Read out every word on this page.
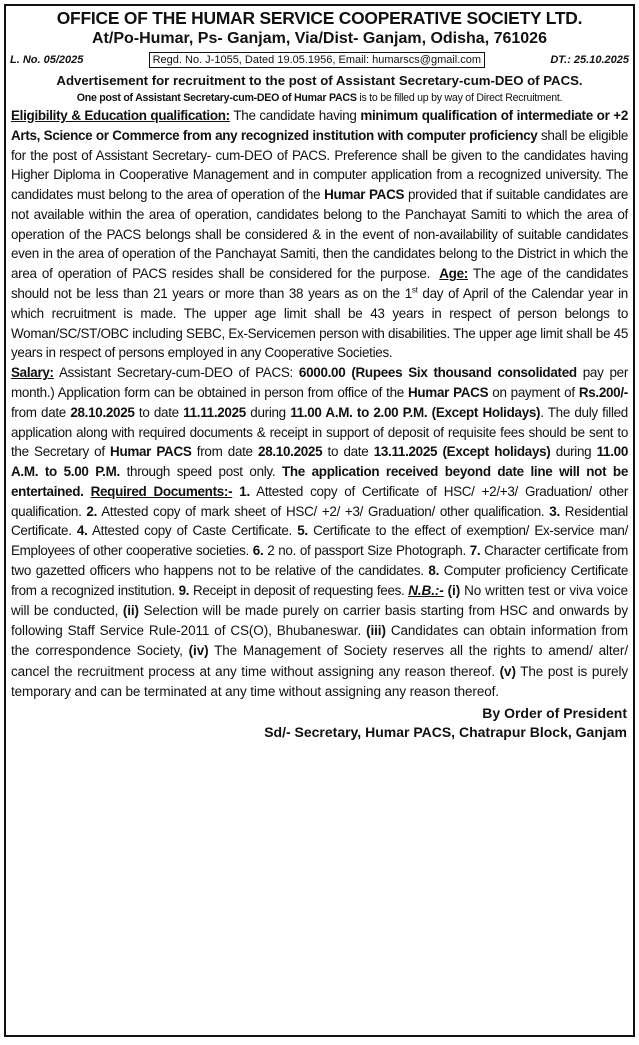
OFFICE OF THE HUMAR SERVICE COOPERATIVE SOCIETY LTD.
At/Po-Humar, Ps- Ganjam, Via/Dist- Ganjam, Odisha, 761026
L. No. 05/2025	Regd. No. J-1055, Dated 19.05.1956, Email: humarscs@gmail.com	DT.: 25.10.2025
Advertisement for recruitment to the post of Assistant Secretary-cum-DEO of PACS.
One post of Assistant Secretary-cum-DEO of Humar PACS is to be filled up by way of Direct Recruitment.

Eligibility & Education qualification: The candidate having minimum qualification of intermediate or +2 Arts, Science or Commerce from any recognized institution with computer proficiency shall be eligible for the post of Assistant Secretary- cum-DEO of PACS. Preference shall be given to the candidates having Higher Diploma in Cooperative Management and in computer application from a recognized university. The candidates must belong to the area of operation of the Humar PACS provided that if suitable candidates are not available within the area of operation, candidates belong to the Panchayat Samiti to which the area of operation of the PACS belongs shall be considered & in the event of non-availability of suitable candidates even in the area of operation of the Panchayat Samiti, then the candidates belong to the District in which the area of operation of PACS resides shall be considered for the purpose. Age: The age of the candidates should not be less than 21 years or more than 38 years as on the 1st day of April of the Calendar year in which recruitment is made. The upper age limit shall be 43 years in respect of person belongs to Woman/SC/ST/OBC including SEBC, Ex-Servicemen person with disabilities. The upper age limit shall be 45 years in respect of persons employed in any Cooperative Societies.

Salary: Assistant Secretary-cum-DEO of PACS: 6000.00 (Rupees Six thousand consolidated pay per month.) Application form can be obtained in person from office of the Humar PACS on payment of Rs.200/- from date 28.10.2025 to date 11.11.2025 during 11.00 A.M. to 2.00 P.M. (Except Holidays). The duly filled application along with required documents & receipt in support of deposit of requisite fees should be sent to the Secretary of Humar PACS from date 28.10.2025 to date 13.11.2025 (Except holidays) during 11.00 A.M. to 5.00 P.M. through speed post only. The application received beyond date line will not be entertained. Required Documents:- 1. Attested copy of Certificate of HSC/ +2/+3/ Graduation/ other qualification. 2. Attested copy of mark sheet of HSC/ +2/ +3/ Graduation/ other qualification. 3. Residential Certificate. 4. Attested copy of Caste Certificate. 5. Certificate to the effect of exemption/ Ex-service man/ Employees of other cooperative societies. 6. 2 no. of passport Size Photograph. 7. Character certificate from two gazetted officers who happens not to be relative of the candidates. 8. Computer proficiency Certificate from a recognized institution. 9. Receipt in deposit of requesting fees. N.B.:- (i) No written test or viva voice will be conducted, (ii) Selection will be made purely on carrier basis starting from HSC and onwards by following Staff Service Rule-2011 of CS(O), Bhubaneswar. (iii) Candidates can obtain information from the correspondence Society, (iv) The Management of Society reserves all the rights to amend/ alter/ cancel the recruitment process at any time without assigning any reason thereof. (v) The post is purely temporary and can be terminated at any time without assigning any reason thereof.

By Order of President
Sd/- Secretary, Humar PACS, Chatrapur Block, Ganjam
